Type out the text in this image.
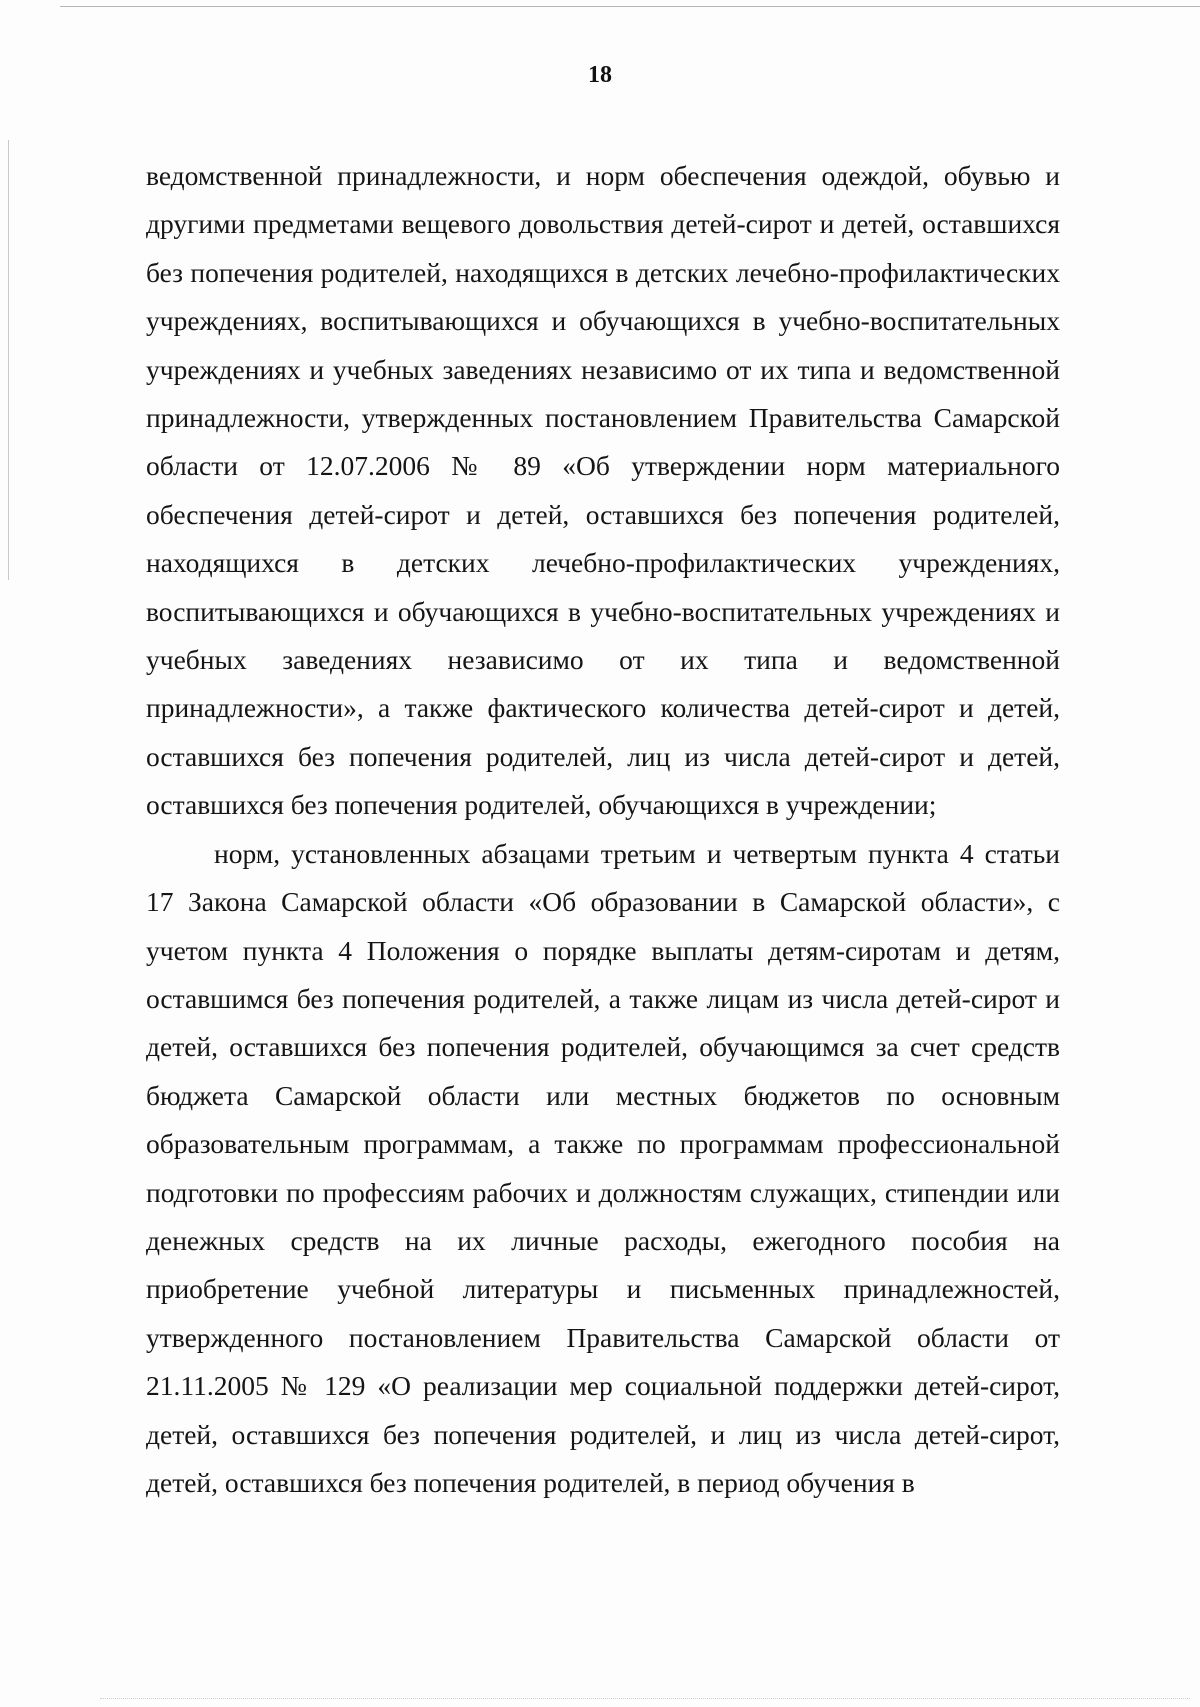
18

ведомственной принадлежности, и норм обеспечения одеждой, обувью и другими предметами вещевого довольствия детей-сирот и детей, оставшихся без попечения родителей, находящихся в детских лечебно-профилактических учреждениях, воспитывающихся и обучающихся в учебно-воспитательных учреждениях и учебных заведениях независимо от их типа и ведомственной принадлежности, утвержденных постановлением Правительства Самарской области от 12.07.2006 № 89 «Об утверждении норм материального обеспечения детей-сирот и детей, оставшихся без попечения родителей, находящихся в детских лечебно-профилактических учреждениях, воспитывающихся и обучающихся в учебно-воспитательных учреждениях и учебных заведениях независимо от их типа и ведомственной принадлежности», а также фактического количества детей-сирот и детей, оставшихся без попечения родителей, лиц из числа детей-сирот и детей, оставшихся без попечения родителей, обучающихся в учреждении;

норм, установленных абзацами третьим и четвертым пункта 4 статьи 17 Закона Самарской области «Об образовании в Самарской области», с учетом пункта 4 Положения о порядке выплаты детям-сиротам и детям, оставшимся без попечения родителей, а также лицам из числа детей-сирот и детей, оставшихся без попечения родителей, обучающимся за счет средств бюджета Самарской области или местных бюджетов по основным образовательным программам, а также по программам профессиональной подготовки по профессиям рабочих и должностям служащих, стипендии или денежных средств на их личные расходы, ежегодного пособия на приобретение учебной литературы и письменных принадлежностей, утвержденного постановлением Правительства Самарской области от 21.11.2005 № 129 «О реализации мер социальной поддержки детей-сирот, детей, оставшихся без попечения родителей, и лиц из числа детей-сирот, детей, оставшихся без попечения родителей, в период обучения в
